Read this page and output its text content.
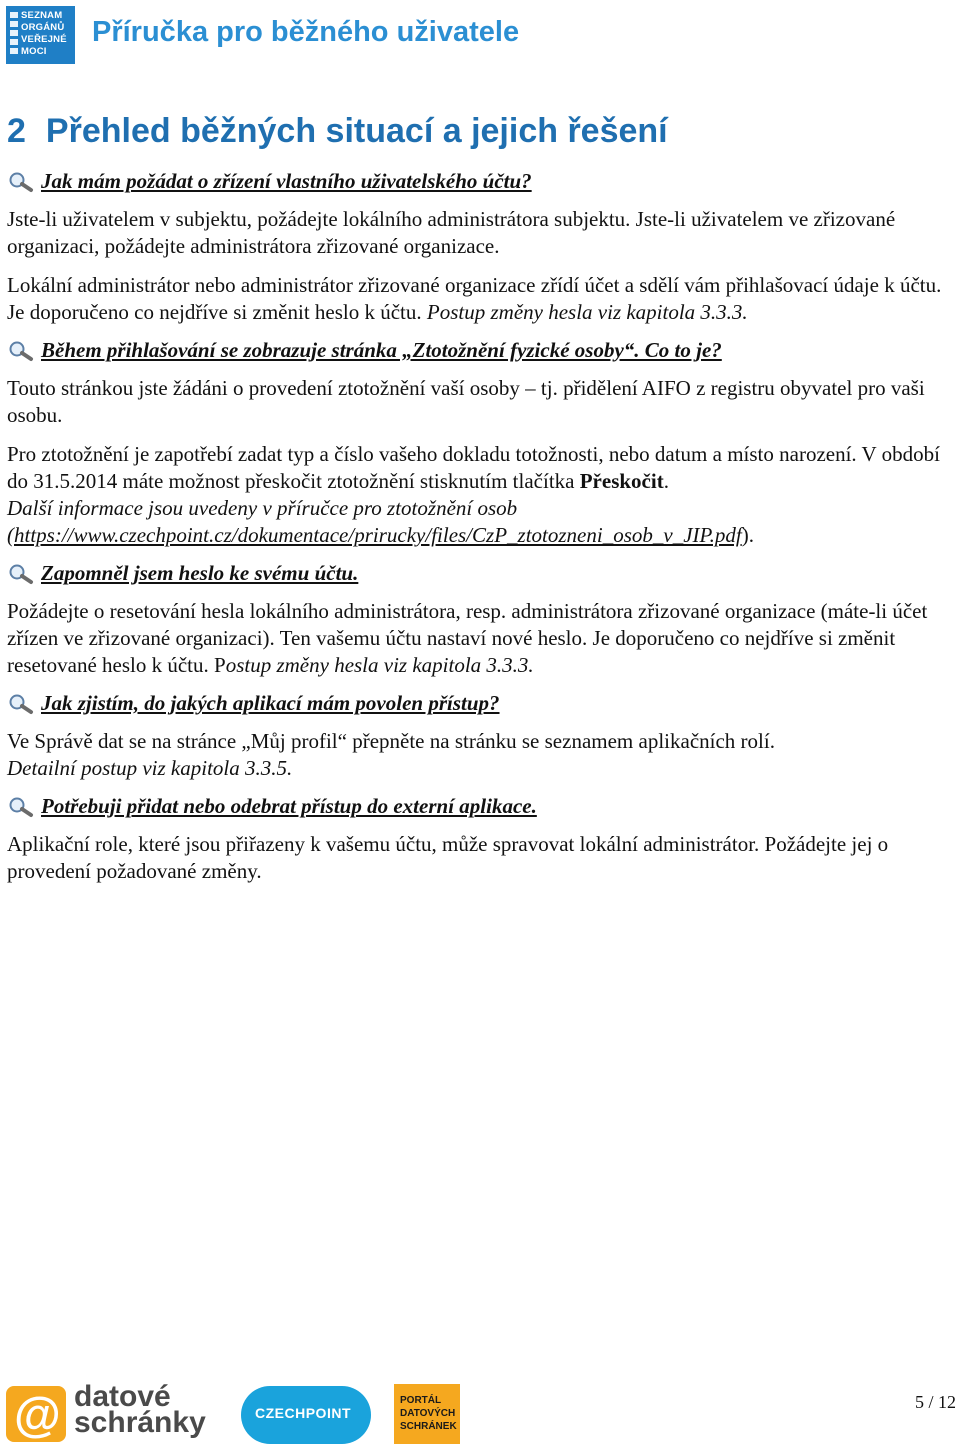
SEZNAM ORGÁNŮ VEŘEJNÉ MOCI
Příručka pro běžného uživatele
2 Přehled běžných situací a jejich řešení
Jak mám požádat o zřízení vlastního uživatelského účtu?

Jste-li uživatelem v subjektu, požádejte lokálního administrátora subjektu. Jste-li uživatelem ve zřizované organizaci, požádejte administrátora zřizované organizace.

Lokální administrátor nebo administrátor zřizované organizace zřídí účet a sdělí vám přihlašovací údaje k účtu. Je doporučeno co nejdříve si změnit heslo k účtu. Postup změny hesla viz kapitola 3.3.3.

Během přihlašování se zobrazuje stránka „Ztotožnění fyzické osoby“. Co to je?

Touto stránkou jste žádáni o provedení ztotožnění vaší osoby – tj. přidělení AIFO z registru obyvatel pro vaši osobu.

Pro ztotožnění je zapotřebí zadat typ a číslo vašeho dokladu totožnosti, nebo datum a místo narození. V období do 31.5.2014 máte možnost přeskočit ztotožnění stisknutím tlačítka Přeskočit.
Další informace jsou uvedeny v příručce pro ztotožnění osob
(https://www.czechpoint.cz/dokumentace/prirucky/files/CzP_ztotozneni_osob_v_JIP.pdf).

Zapomněl jsem heslo ke svému účtu.

Požádejte o resetování hesla lokálního administrátora, resp. administrátora zřizované organizace (máte-li účet zřízen ve zřizované organizaci). Ten vašemu účtu nastaví nové heslo. Je doporučeno co nejdříve si změnit resetované heslo k účtu. Postup změny hesla viz kapitola 3.3.3.

Jak zjistím, do jakých aplikací mám povolen přístup?

Ve Správě dat se na stránce „Můj profil“ přepněte na stránku se seznamem aplikačních rolí.
Detailní postup viz kapitola 3.3.5.

Potřebuji přidat nebo odebrat přístup do externí aplikace.

Aplikační role, které jsou přiřazeny k vašemu účtu, může spravovat lokální administrátor. Požádejte jej o provedení požadované změny.

@ datové
schránky	CZECHPOINT
PORTÁL DATOVÝCH SCHRÁNEK
5 / 12
